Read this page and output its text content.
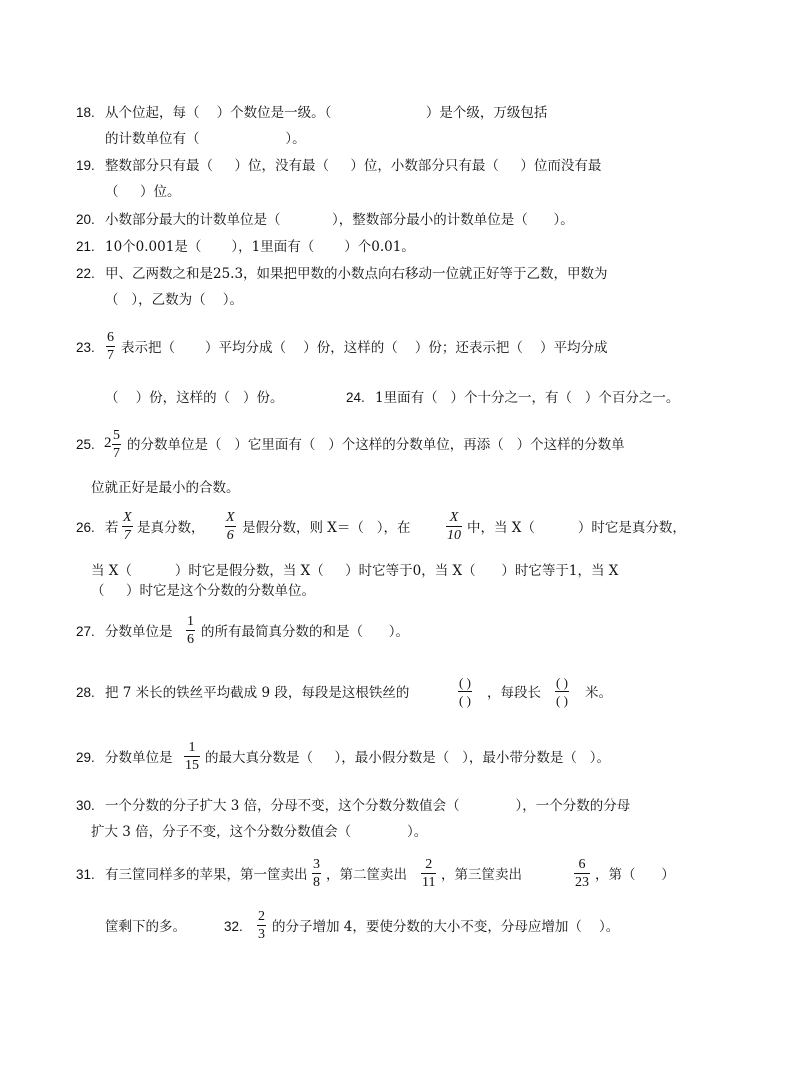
18. 从个位起，每（    ）个数位是一级。（                      ）是个级，万级包括
的计数单位有（                    ）。
19. 整数部分只有最（     ）位，没有最（     ）位，小数部分只有最（     ）位而没有最
（     ）位。
20. 小数部分最大的计数单位是（            ），整数部分最小的计数单位是（      ）。
21. 10个0.001是（       ），1里面有（       ）个0.01。
22. 甲、乙两数之和是25.3，如果把甲数的小数点向右移动一位就正好等于乙数，甲数为
（   ），乙数为（    ）。
23.
6
7 表示把（       ）平均分成（    ）份，这样的（    ）份；还表示把（    ）平均分成
（    ）份，这样的（   ）份。	24. 1里面有（   ）个十分之一，有（   ）个百分之一。
25. 2 5
7
的分数单位是（   ）它里面有（   ）个这样的分数单位，再添（   ）个这样的分数单
位就正好是最小的合数。
26. 若
X
7 是真分数，
X
6 是假分数，则 X＝（   ），在
X
10 中，当 X（          ）时它是真分数，
当 X（          ）时它是假分数，当 X（     ）时它等于0，当 X（      ）时它等于1，当 X
（     ）时它是这个分数的分数单位。
27. 分数单位是
1
6 的所有最简真分数的和是（      ）。
28. 把 7 米长的铁丝平均截成 9 段，每段是这根铁丝的
( )
( ) ，每段长
( )
( ) 米。
29. 分数单位是
1
15 的最大真分数是（     ），最小假分数是（   ），最小带分数是（   ）。
30. 一个分数的分子扩大 3 倍，分母不变，这个分数分数值会（             ），一个分数的分母
扩大 3 倍，分子不变，这个分数分数值会（             ）。
31. 有三筐同样多的苹果，第一筐卖出
3
8 ，第二筐卖出
2
11 ，第三筐卖出
6
23 ，第（      ）
筐剩下的多。	32.
2
3 的分子增加 4，要使分数的大小不变，分母应增加（    ）。
